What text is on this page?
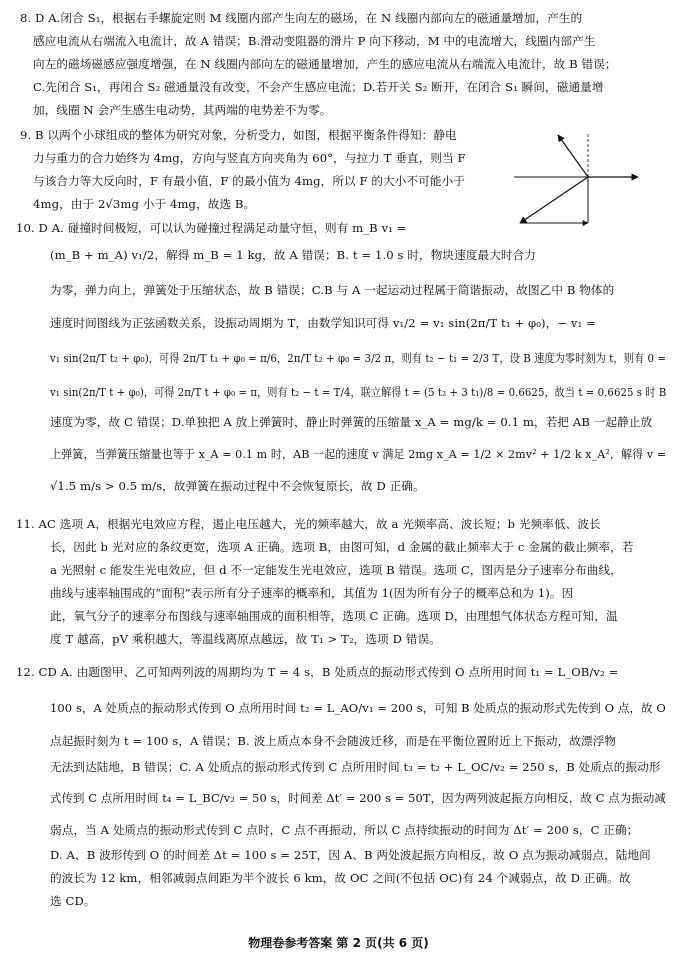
8. D A.闭合 S₁，根据右手螺旋定则 M 线圈内部产生向左的磁场，在 N 线圈内部向左的磁通量增加，产生的
感应电流从右端流入电流计，故 A 错误；B.滑动变阻器的滑片 P 向下移动，M 中的电流增大，线圈内部产生
向左的磁场磁感应强度增强，在 N 线圈内部向左的磁通量增加，产生的感应电流从右端流入电流计，故 B 错误；
C.先闭合 S₁，再闭合 S₂ 磁通量没有改变，不会产生感应电流；D.若开关 S₂ 断开，在闭合 S₁ 瞬间，磁通量增
加，线圈 N 会产生感生电动势，其两端的电势差不为零。
9. B 以两个小球组成的整体为研究对象，分析受力，如图，根据平衡条件得知：静电
力与重力的合力始终为 4mg，方向与竖直方向夹角为 60°，与拉力 T 垂直，则当 F
与该合力等大反向时，F 有最小值，F 的最小值为 4mg，所以 F 的大小不可能小于
4mg，由于 2√3mg 小于 4mg，故选 B。
10. D A. 碰撞时间极短，可以认为碰撞过程满足动量守恒，则有 m_B v₁ =
(m_B + m_A) v₁/2，解得 m_B = 1 kg，故 A 错误；B. t = 1.0 s 时，物块速度最大时合力
为零，弹力向上，弹簧处于压缩状态，故 B 错误；C.B 与 A 一起运动过程属于简谐振动，故图乙中 B 物体的
速度时间图线为正弦函数关系，设振动周期为 T，由数学知识可得 v₁/2 = v₁ sin(2π/T t₁ + φ₀)，− v₁ =
v₁ sin(2π/T t₂ + φ₀)，可得 2π/T t₁ + φ₀ = π/6，2π/T t₂ + φ₀ = 3/2 π，则有 t₂ − t₁ = 2/3 T，设 B 速度为零时刻为 t，则有 0 =
v₁ sin(2π/T t + φ₀)，可得 2π/T t + φ₀ = π，则有 t₂ − t = T/4，联立解得 t = (5 t₂ + 3 t₁)/8 = 0.6625，故当 t = 0.6625 s 时 B
速度为零，故 C 错误；D.单独把 A 放上弹簧时，静止时弹簧的压缩量 x_A = mg/k = 0.1 m，若把 AB 一起静止放
上弹簧，当弹簧压缩量也等于 x_A = 0.1 m 时，AB 一起的速度 v 满足 2mg x_A = 1/2 × 2mv² + 1/2 k x_A²，解得 v =
√1.5 m/s > 0.5 m/s，故弹簧在振动过程中不会恢复原长，故 D 正确。
11. AC 选项 A，根据光电效应方程，遏止电压越大，光的频率越大，故 a 光频率高、波长短；b 光频率低、波长
长，因此 b 光对应的条纹更宽，选项 A 正确。选项 B，由图可知，d 金属的截止频率大于 c 金属的截止频率，若
a 光照射 c 能发生光电效应，但 d 不一定能发生光电效应，选项 B 错误。选项 C，图丙是分子速率分布曲线，
曲线与速率轴围成的“面积”表示所有分子速率的概率和，其值为 1(因为所有分子的概率总和为 1)。因
此，氧气分子的速率分布图线与速率轴围成的面积相等，选项 C 正确。选项 D，由理想气体状态方程可知，温
度 T 越高，pV 乘积越大，等温线离原点越远，故 T₁ > T₂，选项 D 错误。
12. CD A. 由题图甲、乙可知两列波的周期均为 T = 4 s，B 处质点的振动形式传到 O 点所用时间 t₁ = L_OB/v₂ =
100 s，A 处质点的振动形式传到 O 点所用时间 t₂ = L_AO/v₁ = 200 s，可知 B 处质点的振动形式先传到 O 点，故 O
点起振时刻为 t = 100 s，A 错误；B. 波上质点本身不会随波迁移，而是在平衡位置附近上下振动，故漂浮物
无法到达陆地，B 错误；C. A 处质点的振动形式传到 C 点所用时间 t₃ = t₂ + L_OC/v₂ = 250 s，B 处质点的振动形
式传到 C 点所用时间 t₄ = L_BC/v₂ = 50 s，时间差 Δt′ = 200 s = 50T，因为两列波起振方向相反，故 C 点为振动减
弱点，当 A 处质点的振动形式传到 C 点时，C 点不再振动，所以 C 点持续振动的时间为 Δt′ = 200 s，C 正确；
D. A、B 波形传到 O 的时间差 Δt = 100 s = 25T，因 A、B 两处波起振方向相反，故 O 点为振动减弱点，陆地间
的波长为 12 km，相邻减弱点间距为半个波长 6 km，故 OC 之间(不包括 OC)有 24 个减弱点，故 D 正确。故
选 CD。
物理卷参考答案 第 2 页(共 6 页)
